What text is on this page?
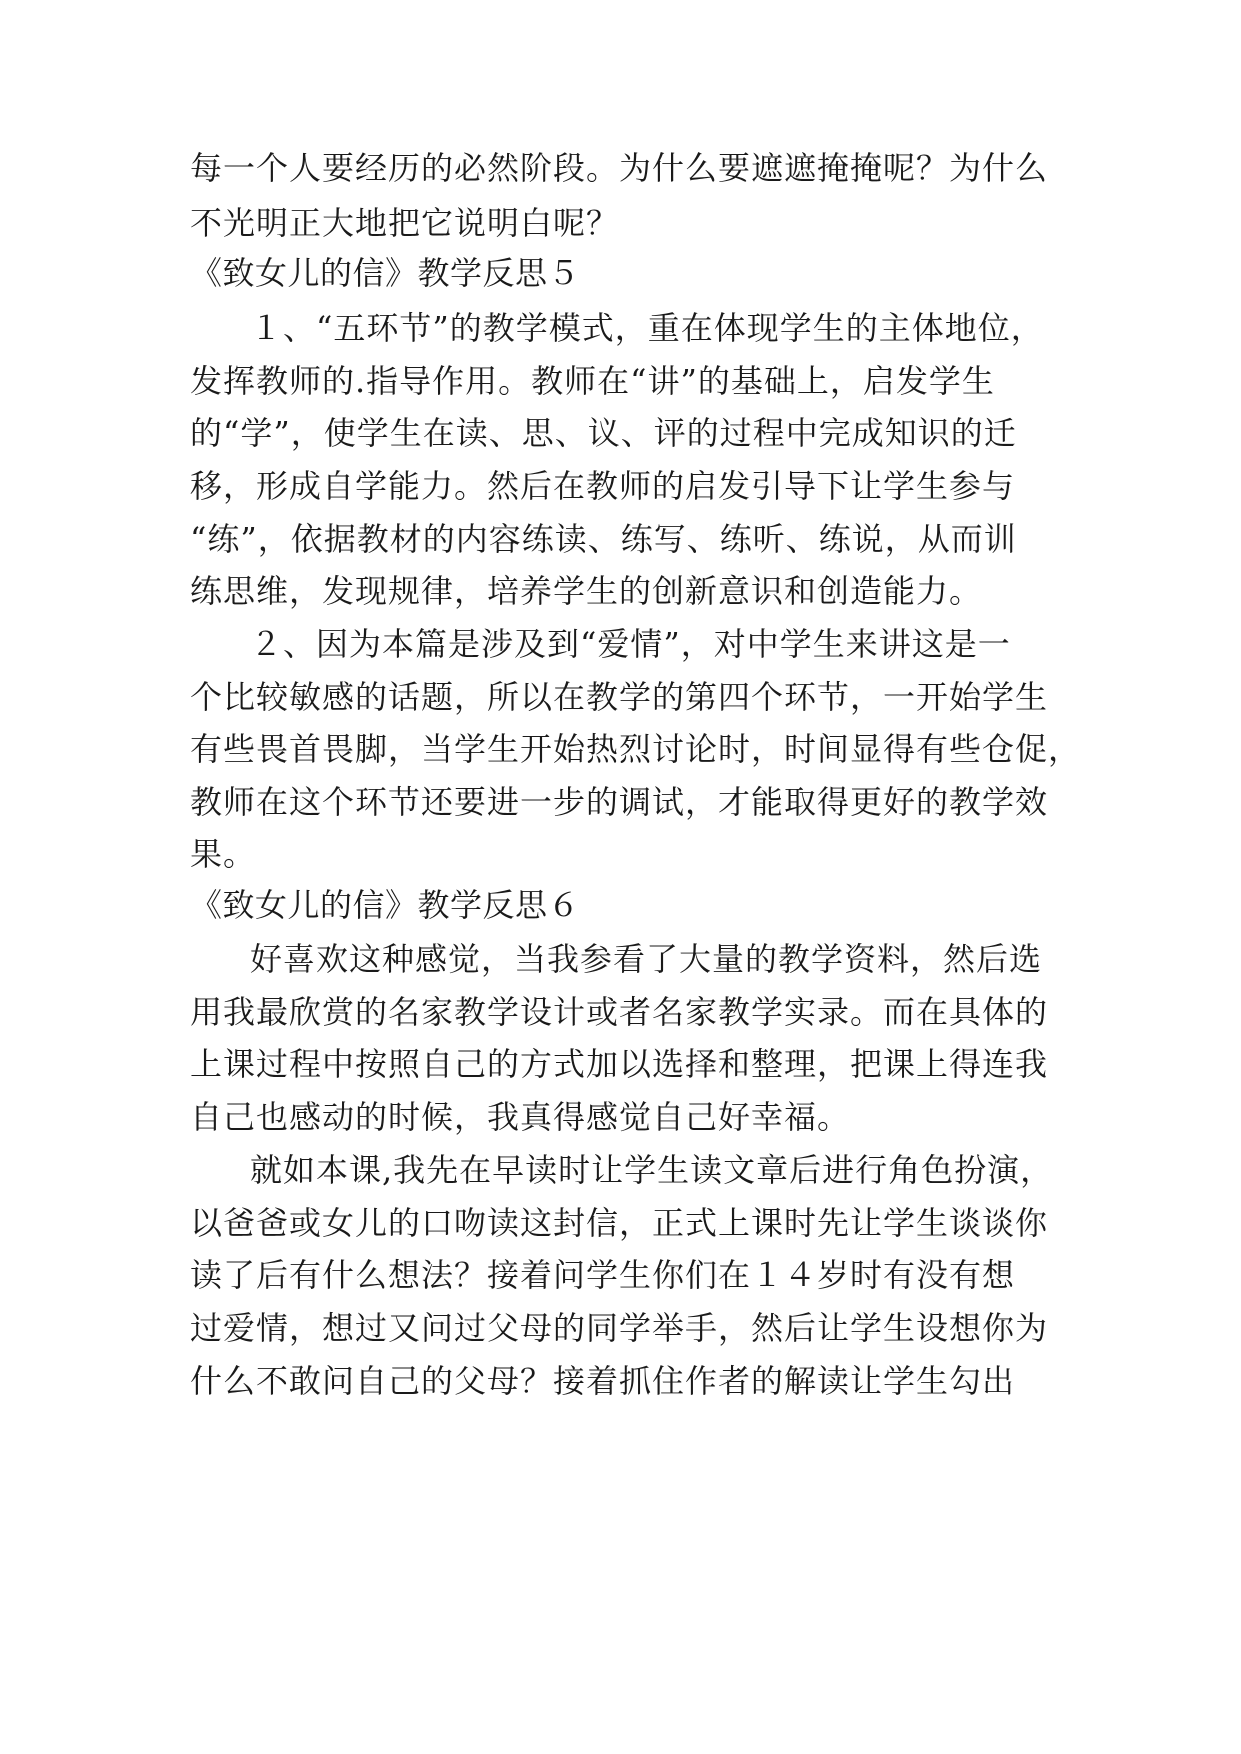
每一个人要经历的必然阶段。为什么要遮遮掩掩呢？为什么
不光明正大地把它说明白呢？
《致女儿的信》教学反思５
１、“五环节”的教学模式，重在体现学生的主体地位，
发挥教师的.指导作用。教师在“讲”的基础上，启发学生
的“学”，使学生在读、思、议、评的过程中完成知识的迁
移，形成自学能力。然后在教师的启发引导下让学生参与
“练”，依据教材的内容练读、练写、练听、练说，从而训
练思维，发现规律，培养学生的创新意识和创造能力。
２、因为本篇是涉及到“爱情”，对中学生来讲这是一
个比较敏感的话题，所以在教学的第四个环节，一开始学生
有些畏首畏脚，当学生开始热烈讨论时，时间显得有些仓促，
教师在这个环节还要进一步的调试，才能取得更好的教学效
果。
《致女儿的信》教学反思６
好喜欢这种感觉，当我参看了大量的教学资料，然后选
用我最欣赏的名家教学设计或者名家教学实录。而在具体的
上课过程中按照自己的方式加以选择和整理，把课上得连我
自己也感动的时候，我真得感觉自己好幸福。
就如本课,我先在早读时让学生读文章后进行角色扮演，
以爸爸或女儿的口吻读这封信，正式上课时先让学生谈谈你
读了后有什么想法？接着问学生你们在１４岁时有没有想
过爱情，想过又问过父母的同学举手，然后让学生设想你为
什么不敢问自己的父母？接着抓住作者的解读让学生勾出
